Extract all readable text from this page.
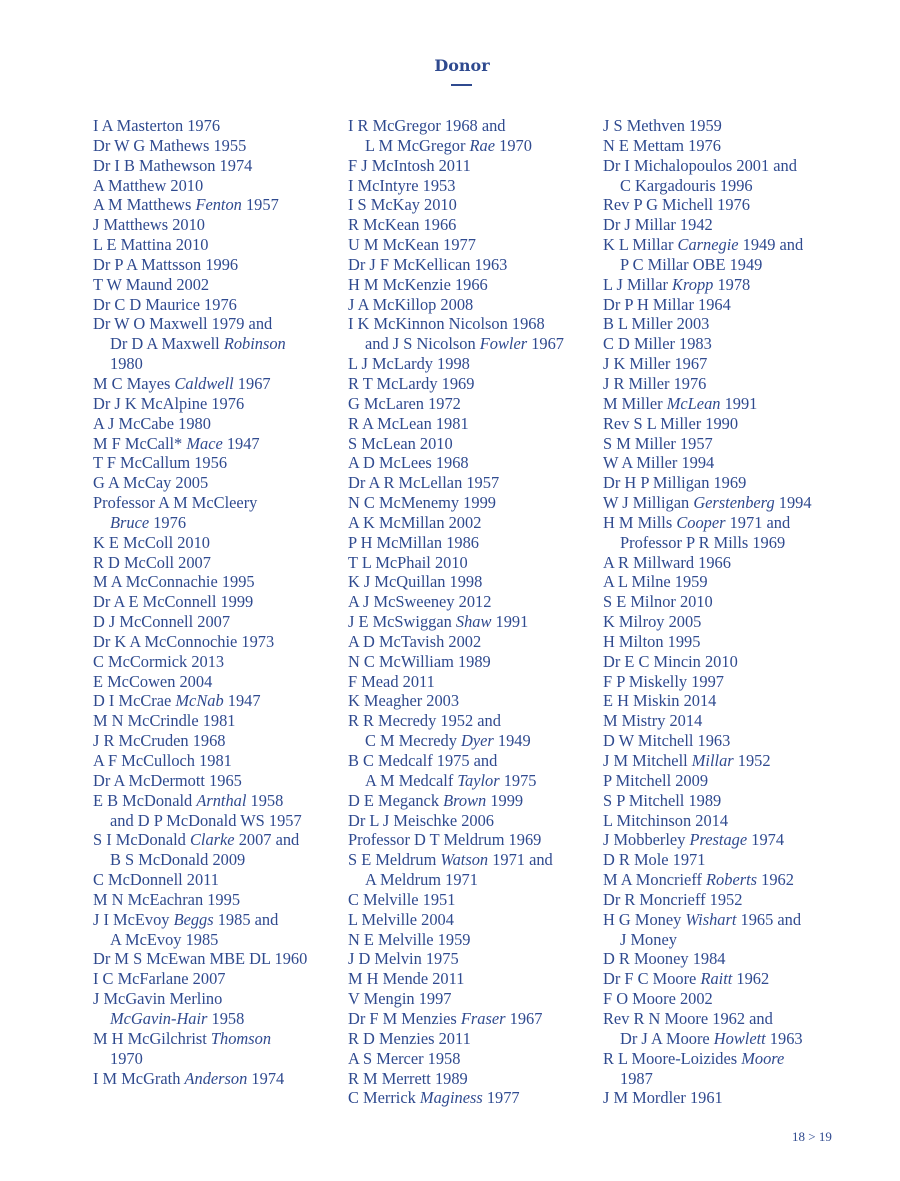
Donor
I A Masterton 1976
Dr W G Mathews 1955
Dr I B Mathewson 1974
A Matthew 2010
A M Matthews Fenton 1957
J Matthews 2010
L E Mattina 2010
Dr P A Mattsson 1996
T W Maund 2002
Dr C D Maurice 1976
Dr W O Maxwell 1979 and
Dr D A Maxwell Robinson
1980
M C Mayes Caldwell 1967
Dr J K McAlpine 1976
A J McCabe 1980
M F McCall* Mace 1947
T F McCallum 1956
G A McCay 2005
Professor A M McCleery
Bruce 1976
K E McColl 2010
R D McColl 2007
M A McConnachie 1995
Dr A E McConnell 1999
D J McConnell 2007
Dr K A McConnochie 1973
C McCormick 2013
E McCowen 2004
D I McCrae McNab 1947
M N McCrindle 1981
J R McCruden 1968
A F McCulloch 1981
Dr A McDermott 1965
E B McDonald Arnthal 1958
and D P McDonald WS 1957
S I McDonald Clarke 2007 and
B S McDonald 2009
C McDonnell 2011
M N McEachran 1995
J I McEvoy Beggs 1985 and
A McEvoy 1985
Dr M S McEwan MBE DL 1960
I C McFarlane 2007
J McGavin Merlino
McGavin-Hair 1958
M H McGilchrist Thomson
1970
I M McGrath Anderson 1974
I R McGregor 1968 and
L M McGregor Rae 1970
F J McIntosh 2011
I McIntyre 1953
I S McKay 2010
R McKean 1966
U M McKean 1977
Dr J F McKellican 1963
H M McKenzie 1966
J A McKillop 2008
I K McKinnon Nicolson 1968
and J S Nicolson Fowler 1967
L J McLardy 1998
R T McLardy 1969
G McLaren 1972
R A McLean 1981
S McLean 2010
A D McLees 1968
Dr A R McLellan 1957
N C McMenemy 1999
A K McMillan 2002
P H McMillan 1986
T L McPhail 2010
K J McQuillan 1998
A J McSweeney 2012
J E McSwiggan Shaw 1991
A D McTavish 2002
N C McWilliam 1989
F Mead 2011
K Meagher 2003
R R Mecredy 1952 and
C M Mecredy Dyer 1949
B C Medcalf 1975 and
A M Medcalf Taylor 1975
D E Meganck Brown 1999
Dr L J Meischke 2006
Professor D T Meldrum 1969
S E Meldrum Watson 1971 and
A Meldrum 1971
C Melville 1951
L Melville 2004
N E Melville 1959
J D Melvin 1975
M H Mende 2011
V Mengin 1997
Dr F M Menzies Fraser 1967
R D Menzies 2011
A S Mercer 1958
R M Merrett 1989
C Merrick Maginess 1977
J S Methven 1959
N E Mettam 1976
Dr I Michalopoulos 2001 and
C Kargadouris 1996
Rev P G Michell 1976
Dr J Millar 1942
K L Millar Carnegie 1949 and
P C Millar OBE 1949
L J Millar Kropp 1978
Dr P H Millar 1964
B L Miller 2003
C D Miller 1983
J K Miller 1967
J R Miller 1976
M Miller McLean 1991
Rev S L Miller 1990
S M Miller 1957
W A Miller 1994
Dr H P Milligan 1969
W J Milligan Gerstenberg 1994
H M Mills Cooper 1971 and
Professor P R Mills 1969
A R Millward 1966
A L Milne 1959
S E Milnor 2010
K Milroy 2005
H Milton 1995
Dr E C Mincin 2010
F P Miskelly 1997
E H Miskin 2014
M Mistry 2014
D W Mitchell 1963
J M Mitchell Millar 1952
P Mitchell 2009
S P Mitchell 1989
L Mitchinson 2014
J Mobberley Prestage 1974
D R Mole 1971
M A Moncrieff Roberts 1962
Dr R Moncrieff 1952
H G Money Wishart 1965 and
J Money
D R Mooney 1984
Dr F C Moore Raitt 1962
F O Moore 2002
Rev R N Moore 1962 and
Dr J A Moore Howlett 1963
R L Moore-Loizides Moore
1987
J M Mordler 1961
18 > 19
